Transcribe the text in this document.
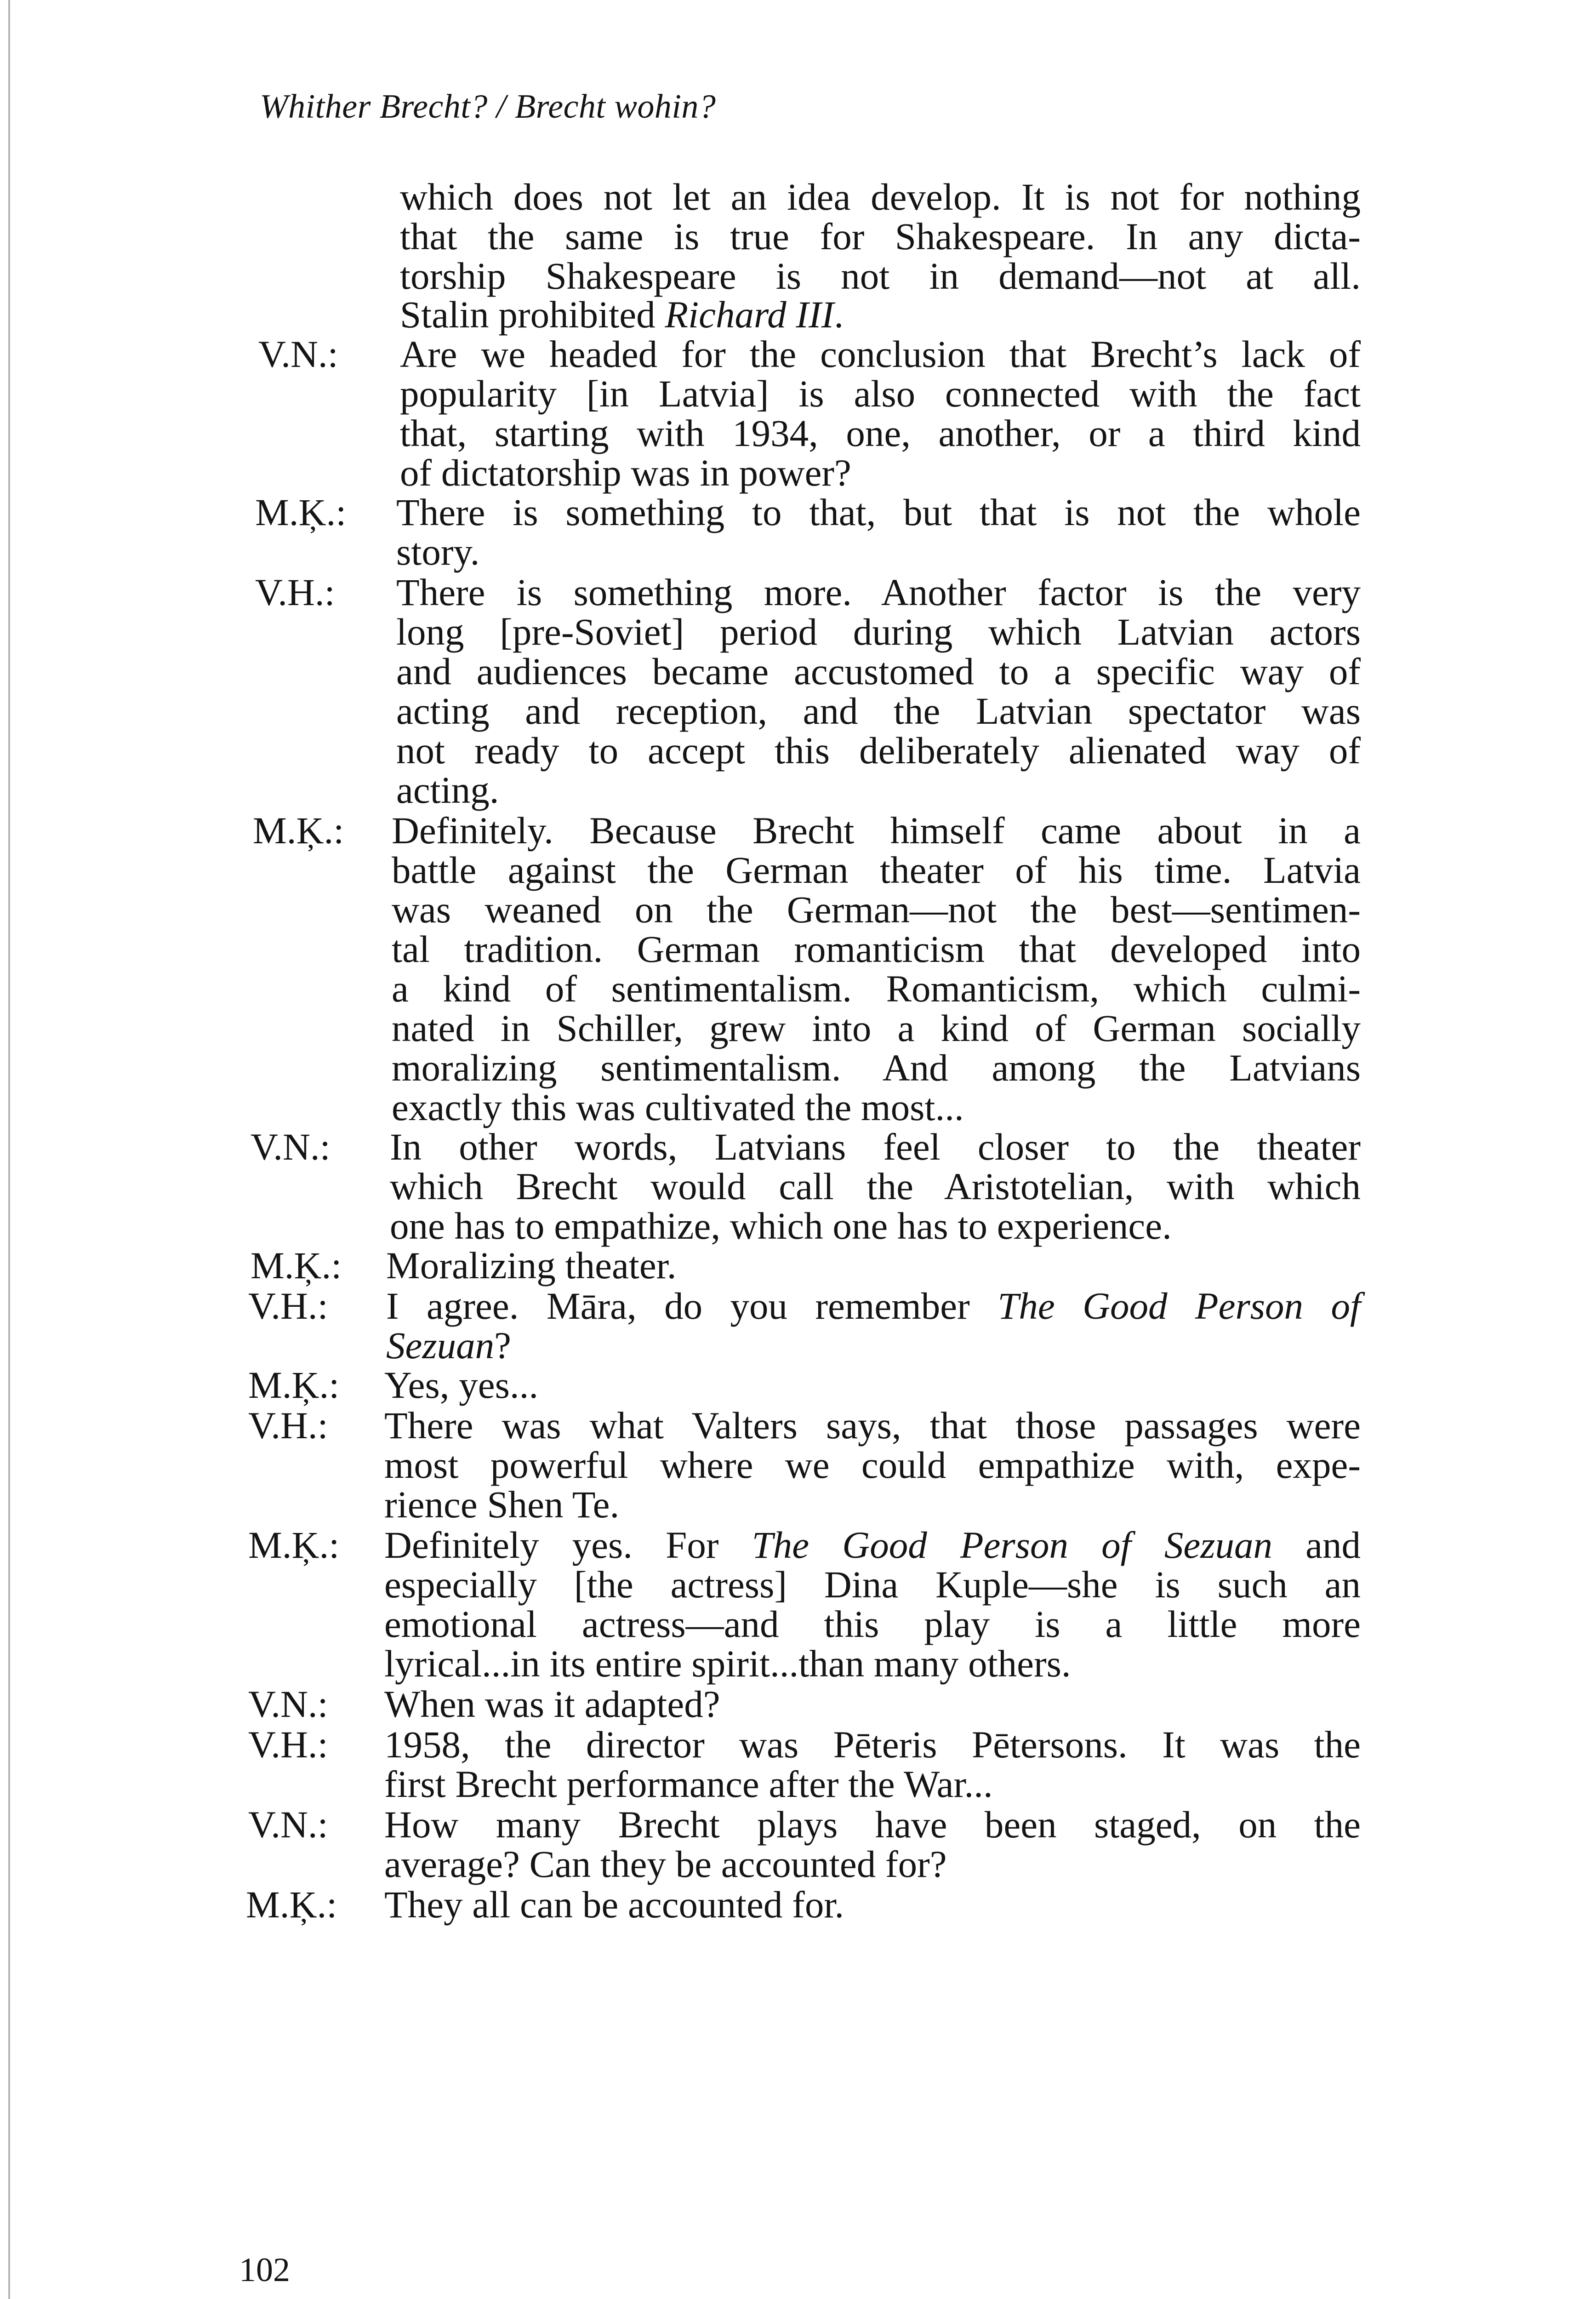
Whither Brecht? / Brecht wohin?
which does not let an idea develop. It is not for nothing
that the same is true for Shakespeare. In any dicta-
torship Shakespeare is not in demand—not at all.
Stalin prohibited Richard III.
V.N.: Are we headed for the conclusion that Brecht’s lack of
popularity [in Latvia] is also connected with the fact
that, starting with 1934, one, another, or a third kind
of dictatorship was in power?
M.Ķ.: There is something to that, but that is not the whole
story.
V.H.: There is something more. Another factor is the very
long [pre-Soviet] period during which Latvian actors
and audiences became accustomed to a specific way of
acting and reception, and the Latvian spectator was
not ready to accept this deliberately alienated way of
acting.
M.Ķ.: Definitely. Because Brecht himself came about in a
battle against the German theater of his time. Latvia
was weaned on the German—not the best—sentimen-
tal tradition. German romanticism that developed into
a kind of sentimentalism. Romanticism, which culmi-
nated in Schiller, grew into a kind of German socially
moralizing sentimentalism. And among the Latvians
exactly this was cultivated the most...
V.N.: In other words, Latvians feel closer to the theater
which Brecht would call the Aristotelian, with which
one has to empathize, which one has to experience.
M.Ķ.: Moralizing theater.
V.H.: I agree. Māra, do you remember The Good Person of
Sezuan?
M.Ķ.: Yes, yes...
V.H.: There was what Valters says, that those passages were
most powerful where we could empathize with, expe-
rience Shen Te.
M.Ķ.: Definitely yes. For The Good Person of Sezuan and
especially [the actress] Dina Kuple—she is such an
emotional actress—and this play is a little more
lyrical...in its entire spirit...than many others.
V.N.: When was it adapted?
V.H.: 1958, the director was Pēteris Pētersons. It was the
first Brecht performance after the War...
V.N.: How many Brecht plays have been staged, on the
average? Can they be accounted for?
M.Ķ.: They all can be accounted for.
102
